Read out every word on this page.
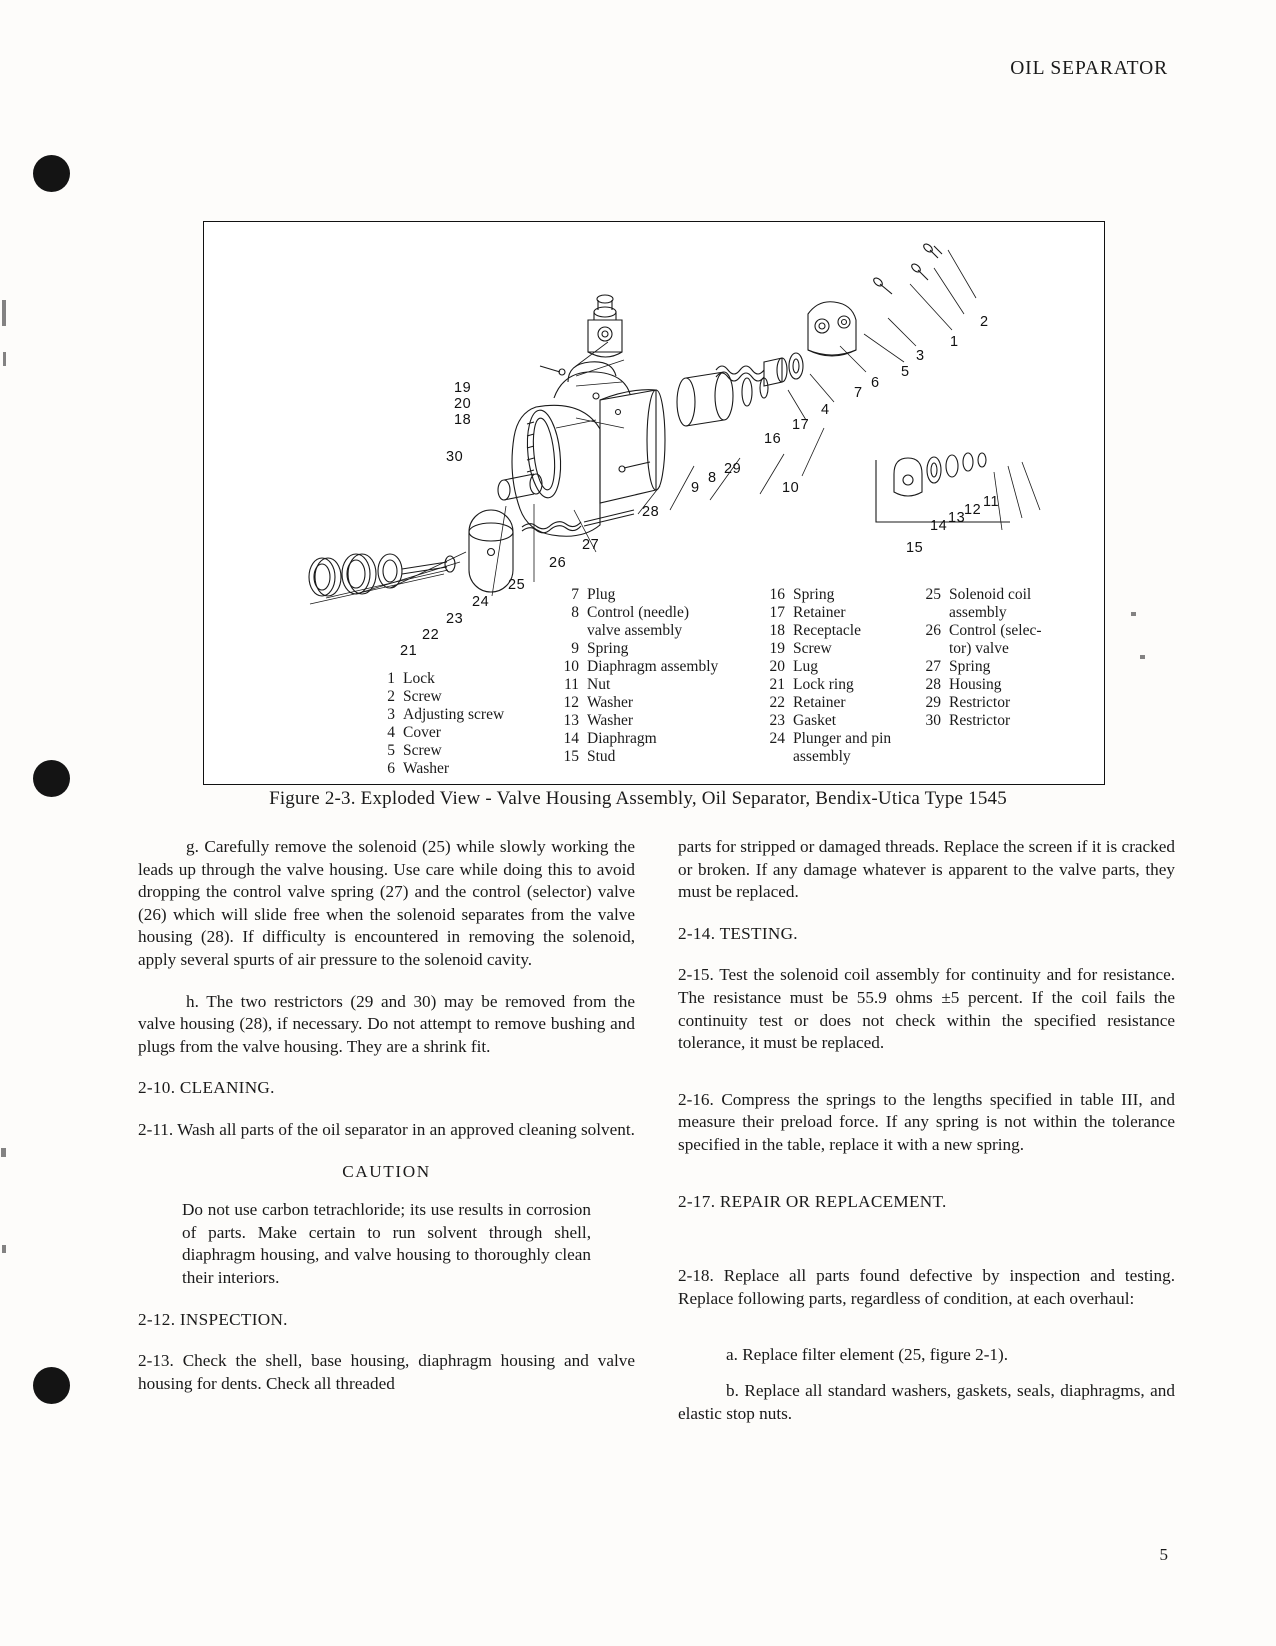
OIL SEPARATOR
19
20
18
30
21
22
23
24
25
26
27
28
9
8
29
10
16
17
4
7
6
5
3
1
2
11
12
13
14
15
1 Lock
2 Screw
3 Adjusting screw
4 Cover
5 Screw
6 Washer
7 Plug
8 Control (needle)
valve assembly
9 Spring
10 Diaphragm assembly
11 Nut
12 Washer
13 Washer
14 Diaphragm
15 Stud
16 Spring
17 Retainer
18 Receptacle
19 Screw
20 Lug
21 Lock ring
22 Retainer
23 Gasket
24 Plunger and pin
assembly
25 Solenoid coil
assembly
26 Control (selec-
tor) valve
27 Spring
28 Housing
29 Restrictor
30 Restrictor
Figure 2-3. Exploded View - Valve Housing Assembly, Oil Separator, Bendix-Utica Type 1545

g. Carefully remove the solenoid (25) while slowly working the leads up through the valve housing. Use care while doing this to avoid dropping the control valve spring (27) and the control (selector) valve (26) which will slide free when the solenoid separates from the valve housing (28). If difficulty is encountered in removing the solenoid, apply several spurts of air pressure to the solenoid cavity.

h. The two restrictors (29 and 30) may be removed from the valve housing (28), if necessary. Do not attempt to remove bushing and plugs from the valve housing. They are a shrink fit.

2-10. CLEANING.

2-11. Wash all parts of the oil separator in an approved cleaning solvent.

CAUTION

Do not use carbon tetrachloride; its use results in corrosion of parts. Make certain to run solvent through shell, diaphragm housing, and valve housing to thoroughly clean their interiors.

2-12. INSPECTION.

2-13. Check the shell, base housing, diaphragm housing and valve housing for dents. Check all threaded

parts for stripped or damaged threads. Replace the screen if it is cracked or broken. If any damage whatever is apparent to the valve parts, they must be replaced.

2-14. TESTING.

2-15. Test the solenoid coil assembly for continuity and for resistance. The resistance must be 55.9 ohms ±5 percent. If the coil fails the continuity test or does not check within the specified resistance tolerance, it must be replaced.

2-16. Compress the springs to the lengths specified in table III, and measure their preload force. If any spring is not within the tolerance specified in the table, replace it with a new spring.

2-17. REPAIR OR REPLACEMENT.

2-18. Replace all parts found defective by inspection and testing. Replace following parts, regardless of condition, at each overhaul:

a. Replace filter element (25, figure 2-1).

b. Replace all standard washers, gaskets, seals, diaphragms, and elastic stop nuts.

5
